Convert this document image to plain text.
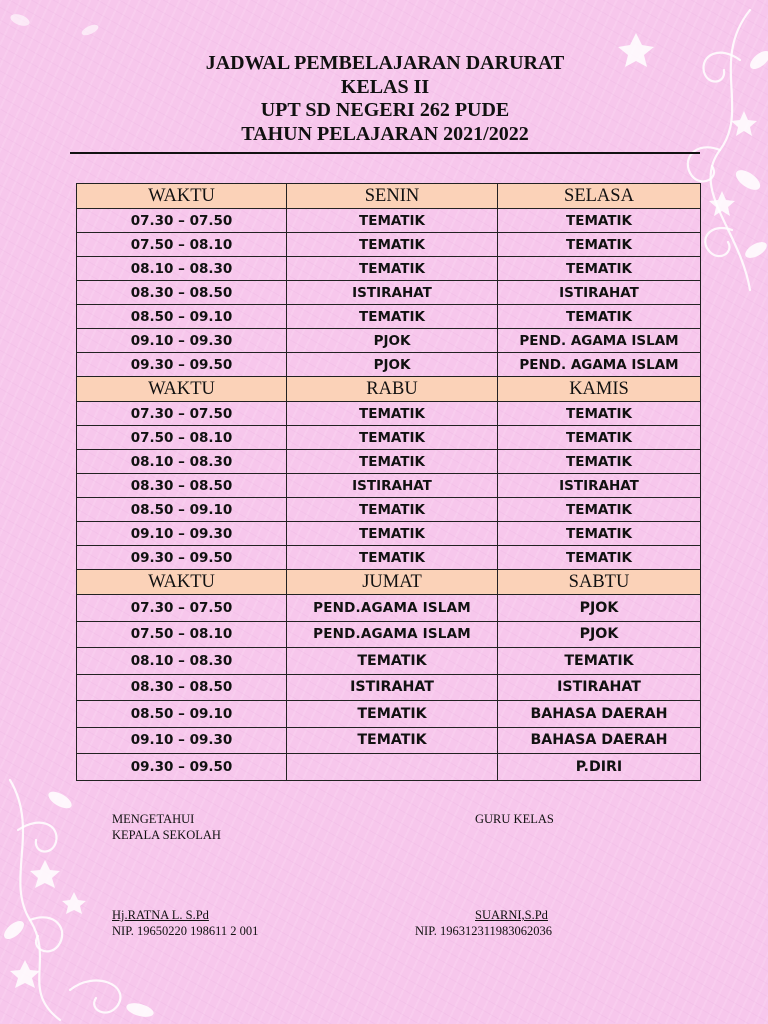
JADWAL PEMBELAJARAN DARURAT
KELAS II
UPT SD NEGERI 262 PUDE
TAHUN PELAJARAN 2021/2022
WAKTU	SENIN	SELASA
07.30 – 07.50	TEMATIK	TEMATIK
07.50 – 08.10	TEMATIK	TEMATIK
08.10 – 08.30	TEMATIK	TEMATIK
08.30 – 08.50	ISTIRAHAT	ISTIRAHAT
08.50 – 09.10	TEMATIK	TEMATIK
09.10 – 09.30	PJOK	PEND. AGAMA ISLAM
09.30 – 09.50	PJOK	PEND. AGAMA ISLAM
WAKTU	RABU	KAMIS
07.30 – 07.50	TEMATIK	TEMATIK
07.50 – 08.10	TEMATIK	TEMATIK
08.10 – 08.30	TEMATIK	TEMATIK
08.30 – 08.50	ISTIRAHAT	ISTIRAHAT
08.50 – 09.10	TEMATIK	TEMATIK
09.10 – 09.30	TEMATIK	TEMATIK
09.30 – 09.50	TEMATIK	TEMATIK
WAKTU	JUMAT	SABTU
07.30 – 07.50	PEND.AGAMA ISLAM	PJOK
07.50 – 08.10	PEND.AGAMA ISLAM	PJOK
08.10 – 08.30	TEMATIK	TEMATIK
08.30 – 08.50	ISTIRAHAT	ISTIRAHAT
08.50 – 09.10	TEMATIK	BAHASA DAERAH
09.10 – 09.30	TEMATIK	BAHASA DAERAH
09.30 – 09.50		P.DIRI
MENGETAHUI
KEPALA SEKOLAH
GURU KELAS
Hj.RATNA L. S.Pd
NIP. 19650220 198611 2 001
SUARNI,S.Pd
NIP. 196312311983062036
